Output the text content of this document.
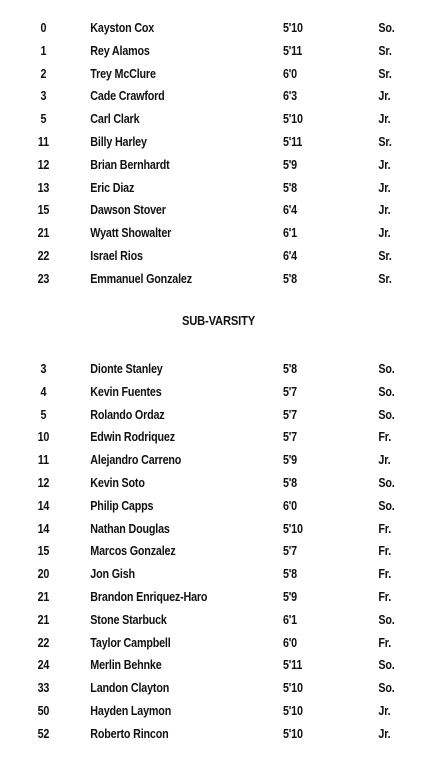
0	Kayston Cox	5'10	So.
1	Rey Alamos	5'11	Sr.
2	Trey McClure	6'0	Sr.
3	Cade Crawford	6'3	Jr.
5	Carl Clark	5'10	Jr.
11	Billy Harley	5'11	Sr.
12	Brian Bernhardt	5'9	Jr.
13	Eric Diaz	5'8	Jr.
15	Dawson Stover	6'4	Jr.
21	Wyatt Showalter	6'1	Jr.
22	Israel Rios	6'4	Sr.
23	Emmanuel Gonzalez	5'8	Sr.
SUB-VARSITY
3	Dionte Stanley	5'8	So.
4	Kevin Fuentes	5'7	So.
5	Rolando Ordaz	5'7	So.
10	Edwin Rodriquez	5'7	Fr.
11	Alejandro Carreno	5'9	Jr.
12	Kevin Soto	5'8	So.
14	Philip Capps	6'0	So.
14	Nathan Douglas	5'10	Fr.
15	Marcos Gonzalez	5'7	Fr.
20	Jon Gish	5'8	Fr.
21	Brandon Enriquez-Haro	5'9	Fr.
21	Stone Starbuck	6'1	So.
22	Taylor Campbell	6'0	Fr.
24	Merlin Behnke	5'11	So.
33	Landon Clayton	5'10	So.
50	Hayden Laymon	5'10	Jr.
52	Roberto Rincon	5'10	Jr.
